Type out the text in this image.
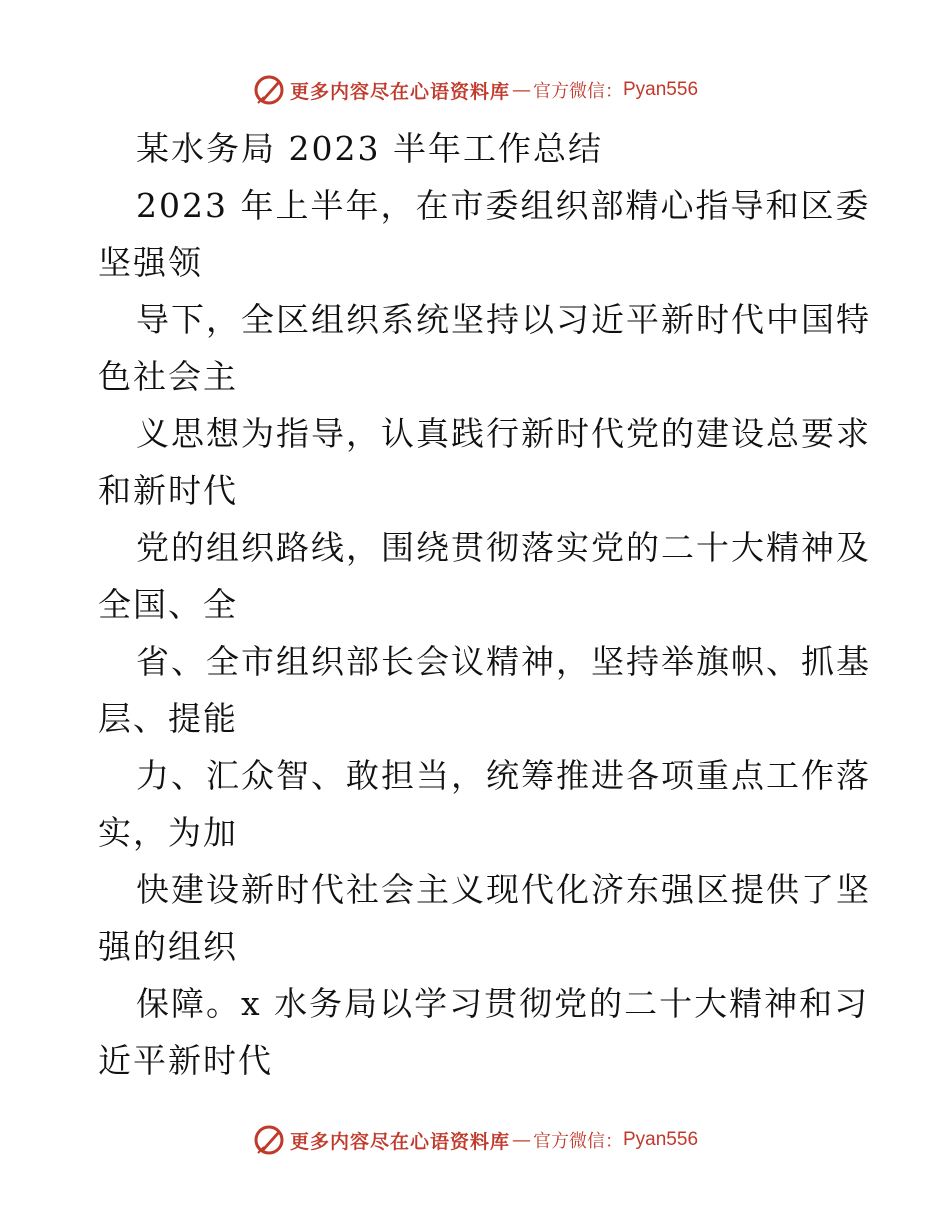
更多内容尽在心语资料库 — 官方微信： Pyan556
某水务局 2023 半年工作总结
2023 年上半年，在市委组织部精心指导和区委
坚强领
导下，全区组织系统坚持以习近平新时代中国特
色社会主
义思想为指导，认真践行新时代党的建设总要求
和新时代
党的组织路线，围绕贯彻落实党的二十大精神及
全国、全
省、全市组织部长会议精神，坚持举旗帜、抓基
层、提能
力、汇众智、敢担当，统筹推进各项重点工作落
实，为加
快建设新时代社会主义现代化济东强区提供了坚
强的组织
保障。x 水务局以学习贯彻党的二十大精神和习
近平新时代
更多内容尽在心语资料库 — 官方微信： Pyan556
